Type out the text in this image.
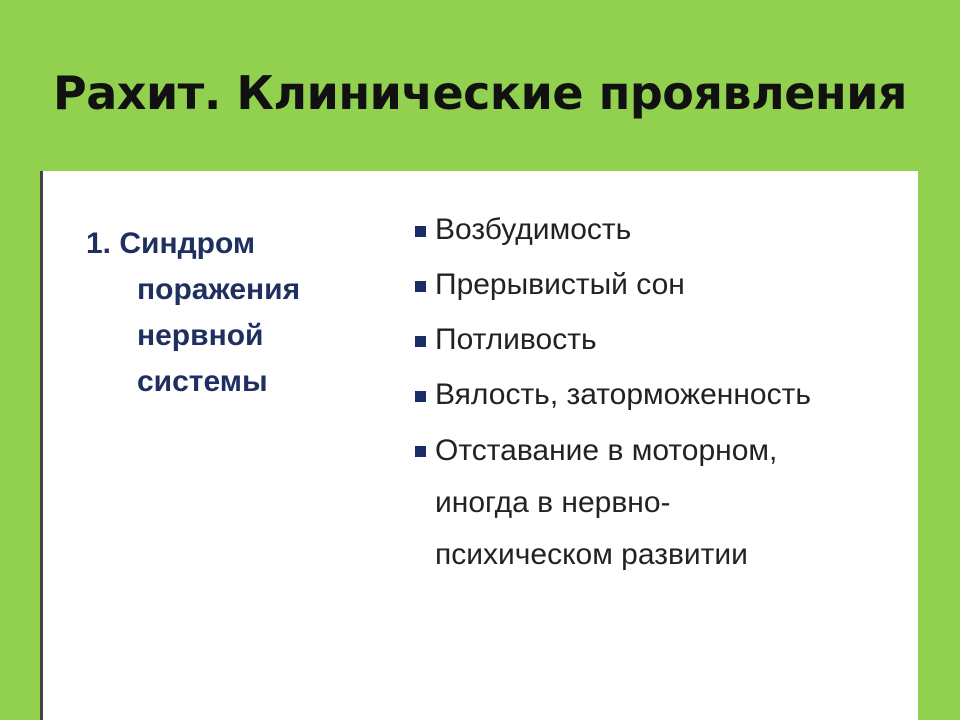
Рахит. Клинические проявления
1. Синдром
поражения
нервной
системы
Возбудимость
Прерывистый сон
Потливость
Вялость, заторможенность
Отставание в моторном,
иногда в нервно-
психическом развитии
